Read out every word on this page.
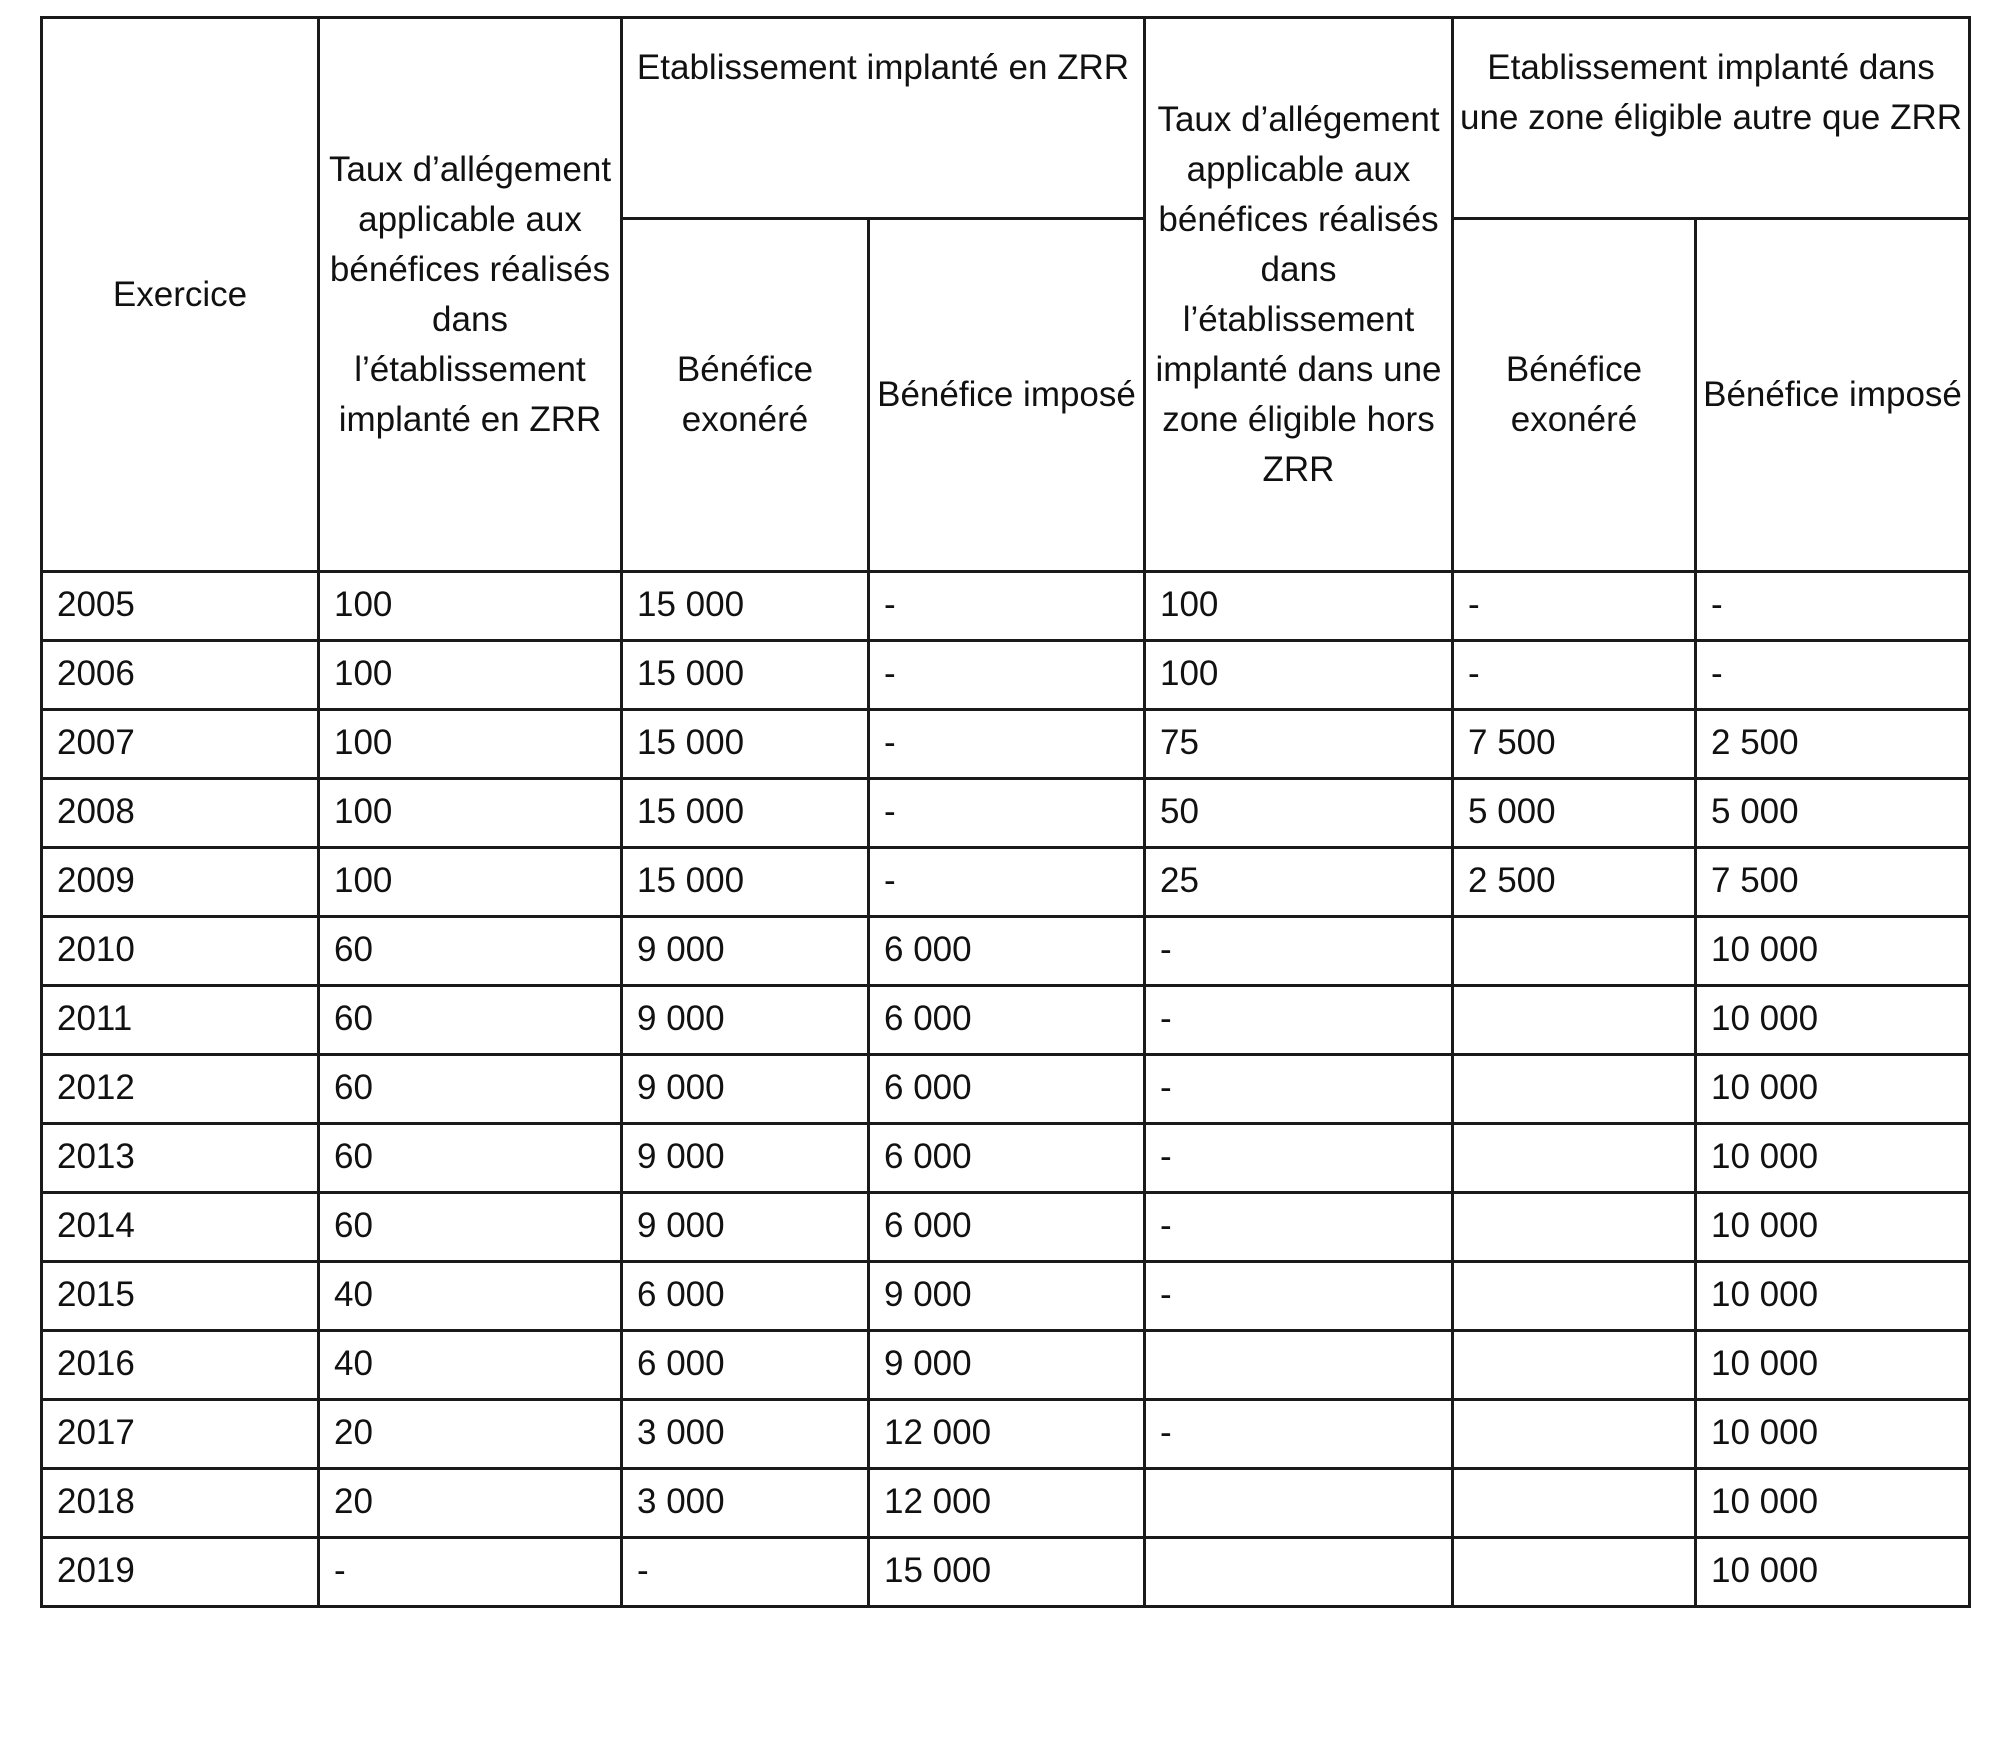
Exercice	Taux d’allégement applicable aux bénéfices réalisés dans l’établissement implanté en ZRR	Etablissement implanté en ZRR		Taux d’allégement applicable aux bénéfices réalisés dans l’établissement implanté dans une zone éligible hors ZRR	Etablissement implanté dans une zone éligible autre que ZRR	
		Bénéfice exonéré	Bénéfice imposé		Bénéfice exonéré	Bénéfice imposé
2005	100	15 000	-	100	-	-
2006	100	15 000	-	100	-	-
2007	100	15 000	-	75	7 500	2 500
2008	100	15 000	-	50	5 000	5 000
2009	100	15 000	-	25	2 500	7 500
2010	60	9 000	6 000	-		10 000
2011	60	9 000	6 000	-		10 000
2012	60	9 000	6 000	-		10 000
2013	60	9 000	6 000	-		10 000
2014	60	9 000	6 000	-		10 000
2015	40	6 000	9 000	-		10 000
2016	40	6 000	9 000			10 000
2017	20	3 000	12 000	-		10 000
2018	20	3 000	12 000			10 000
2019	-	-	15 000			10 000
